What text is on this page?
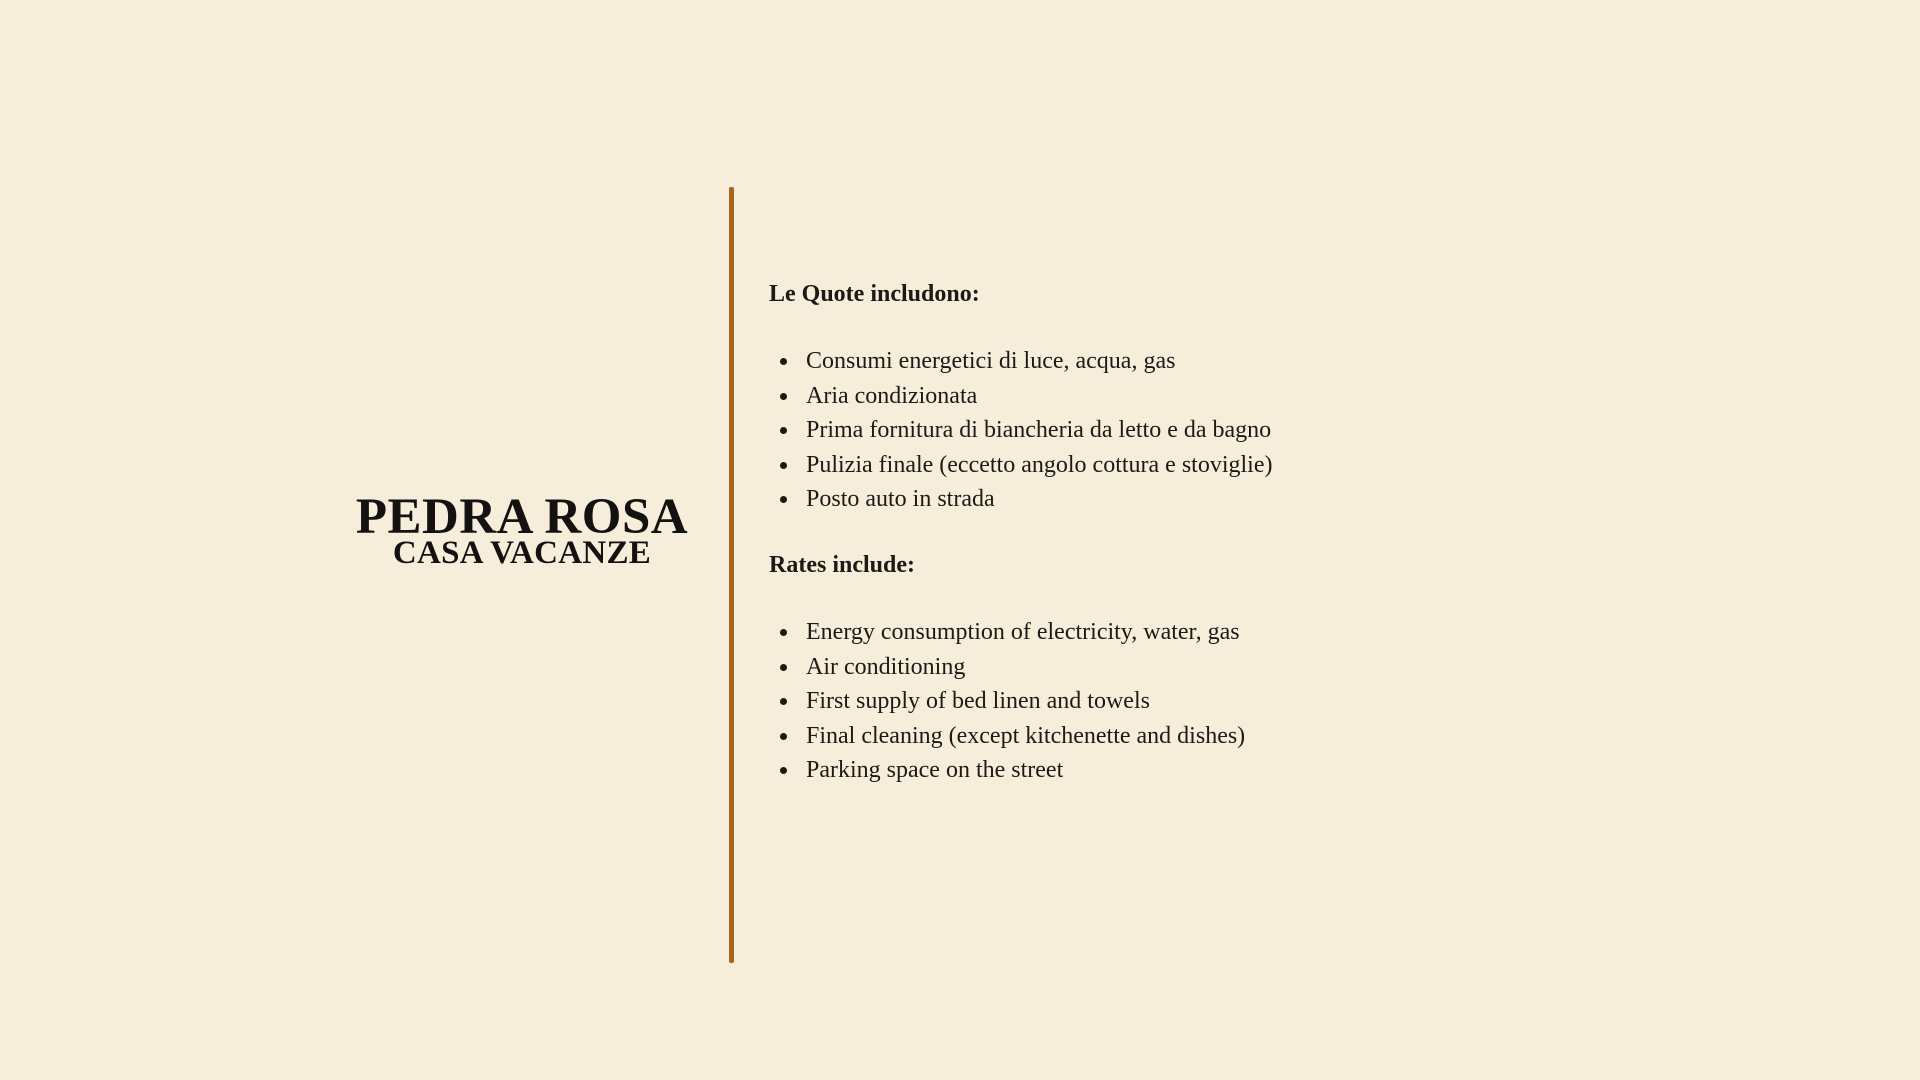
PEDRA ROSA
CASA VACANZE

Le Quote includono:

Consumi energetici di luce, acqua, gas
Aria condizionata
Prima fornitura di biancheria da letto e da bagno
Pulizia finale (eccetto angolo cottura e stoviglie)
Posto auto in strada

Rates include:

Energy consumption of electricity, water, gas
Air conditioning
First supply of bed linen and towels
Final cleaning (except kitchenette and dishes)
Parking space on the street
